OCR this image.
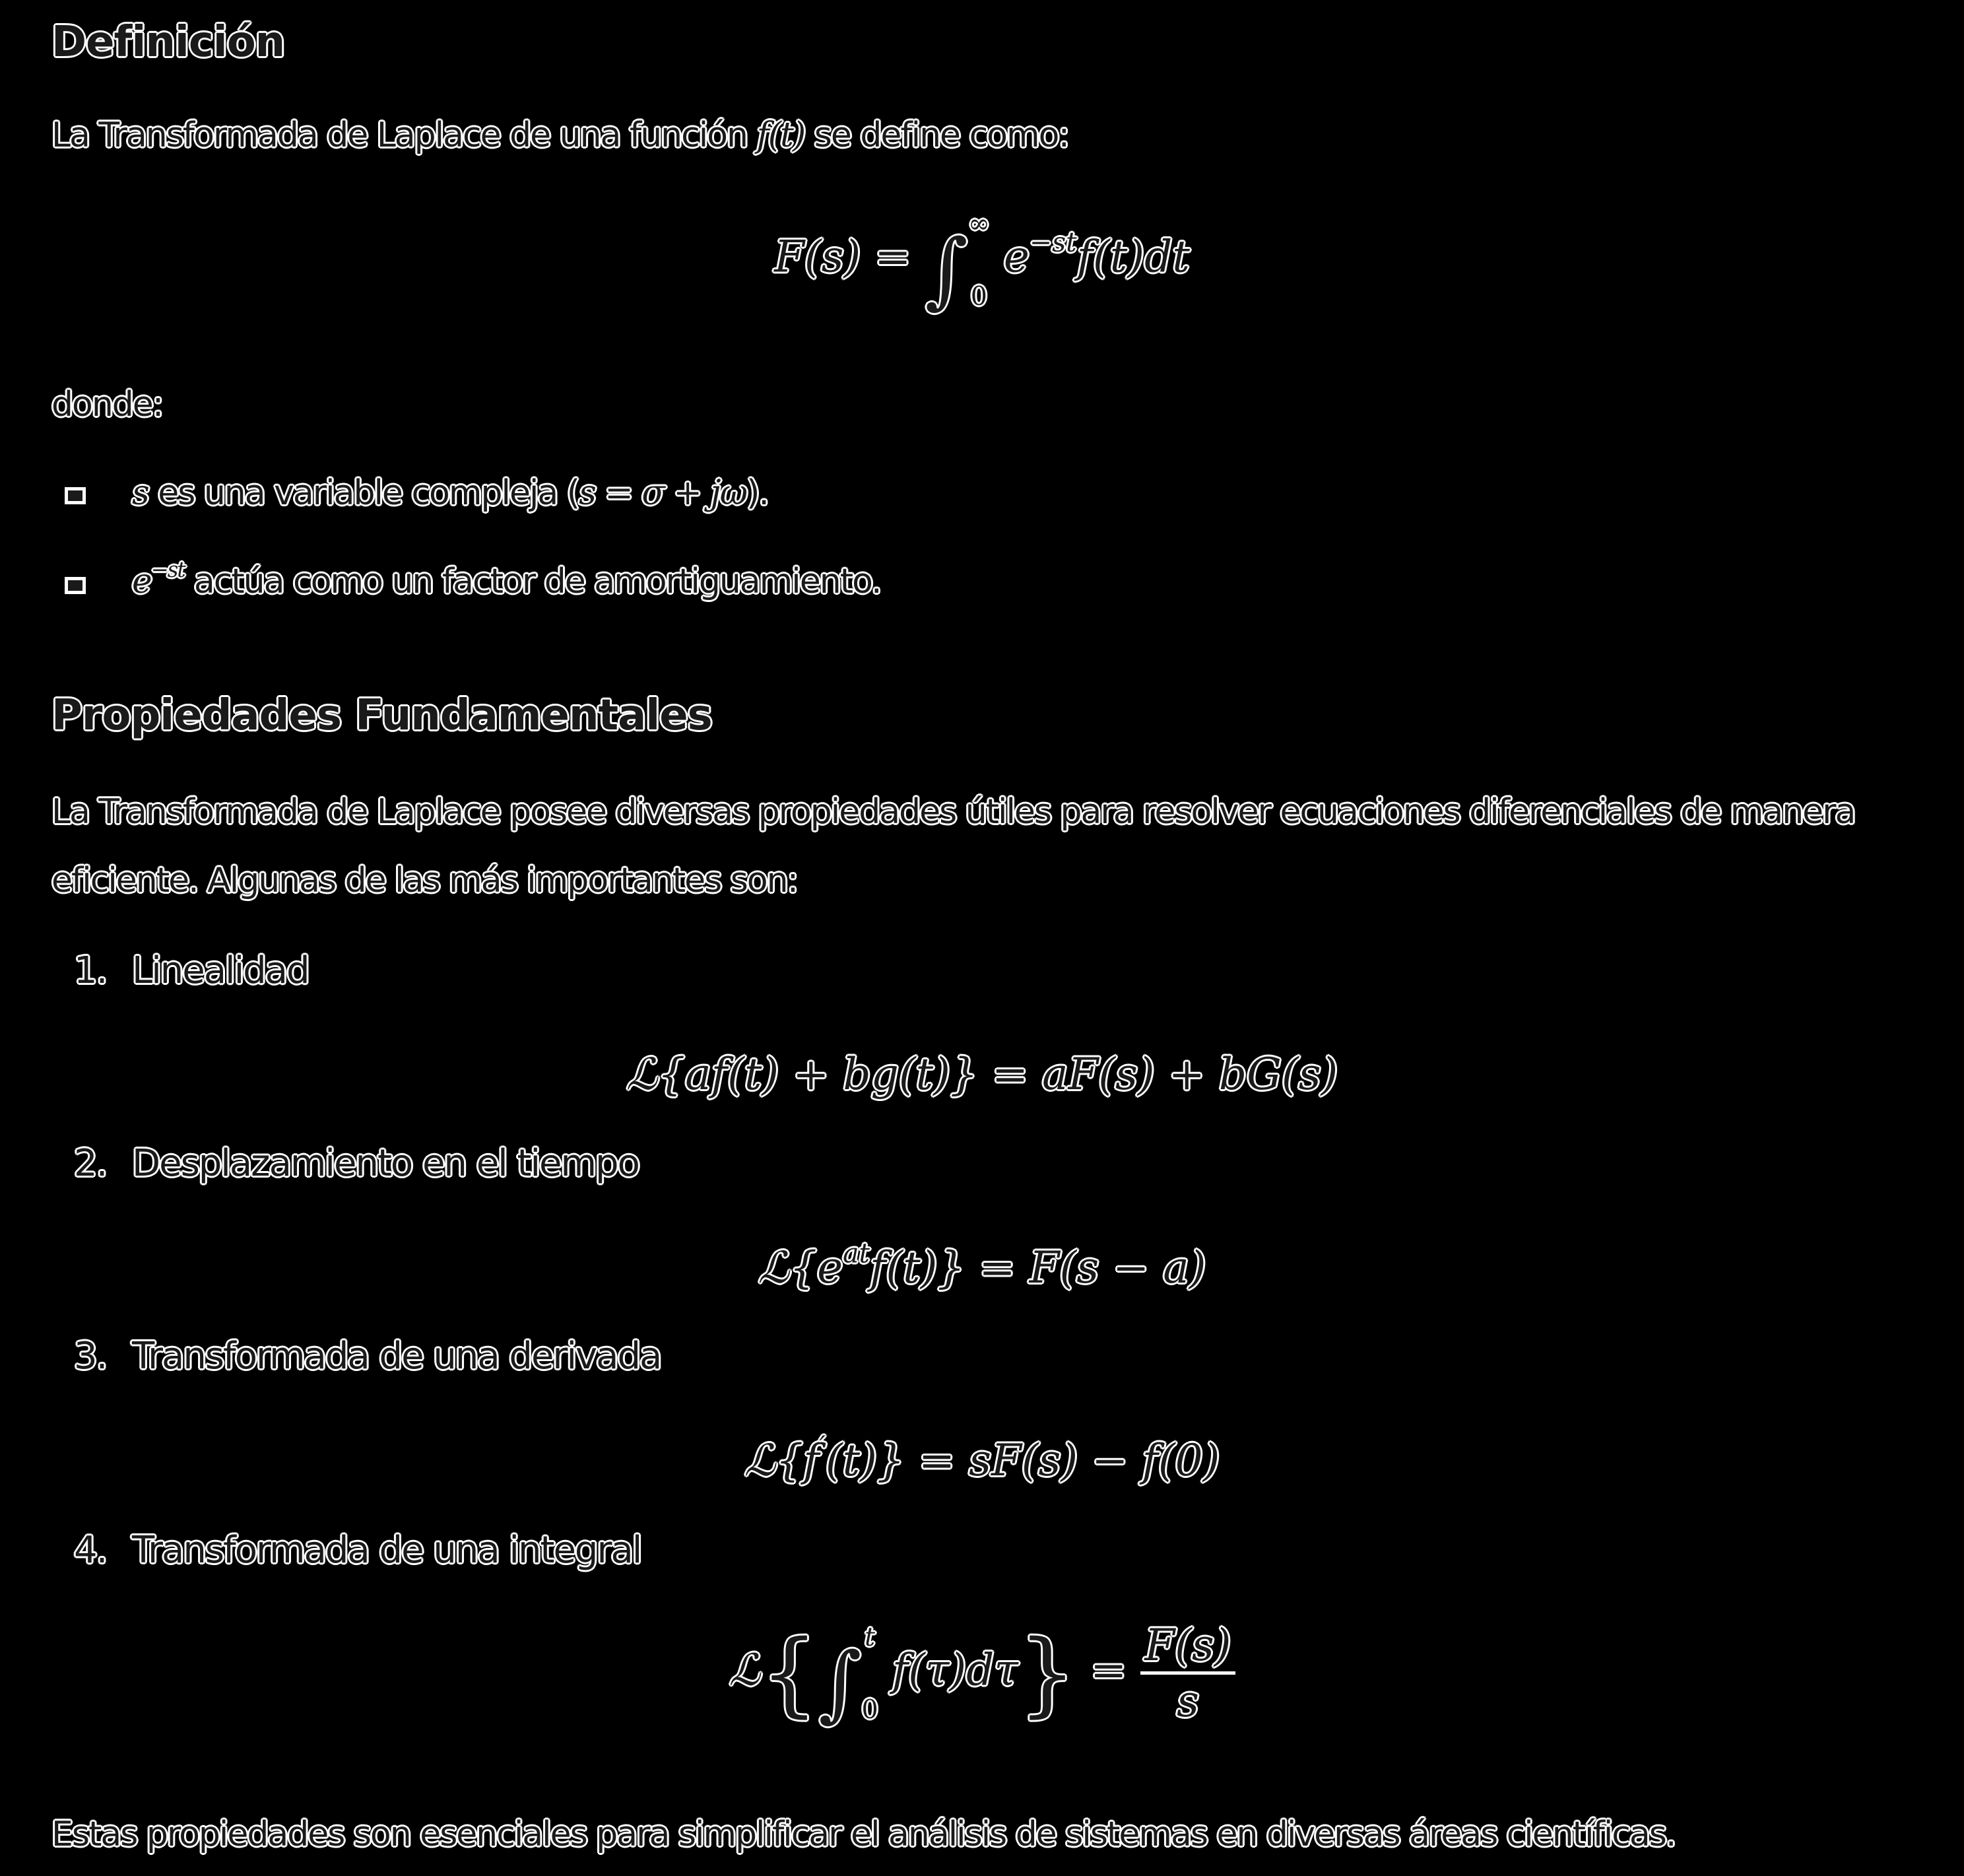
Definición

La Transformada de Laplace de una función f(t) se define como:

F(s) = ∫ ∞
0
$e^{-st}f(t)dt$

donde:

s es una variable compleja (s = σ + jω).

$e^{-st}$ actúa como un factor de amortiguamiento.

Propiedades Fundamentales

La Transformada de Laplace posee diversas propiedades útiles para resolver ecuaciones diferenciales de manera eficiente. Algunas de las más importantes son:

1. Linealidad
ℒ{af(t) + bg(t)} = aF(s) + bG(s)
2. Desplazamiento en el tiempo
$ℒ\{e^{at}f(t)\} = F(s - a)$
3. Transformada de una derivada
ℒ{f′(t)} = sF(s) − f(0)
4. Transformada de una integral
ℒ{∫ t
0
$f(\tau)d\tau\} = \frac{F(s)}{s}$

Estas propiedades son esenciales para simplificar el análisis de sistemas en diversas áreas científicas.
